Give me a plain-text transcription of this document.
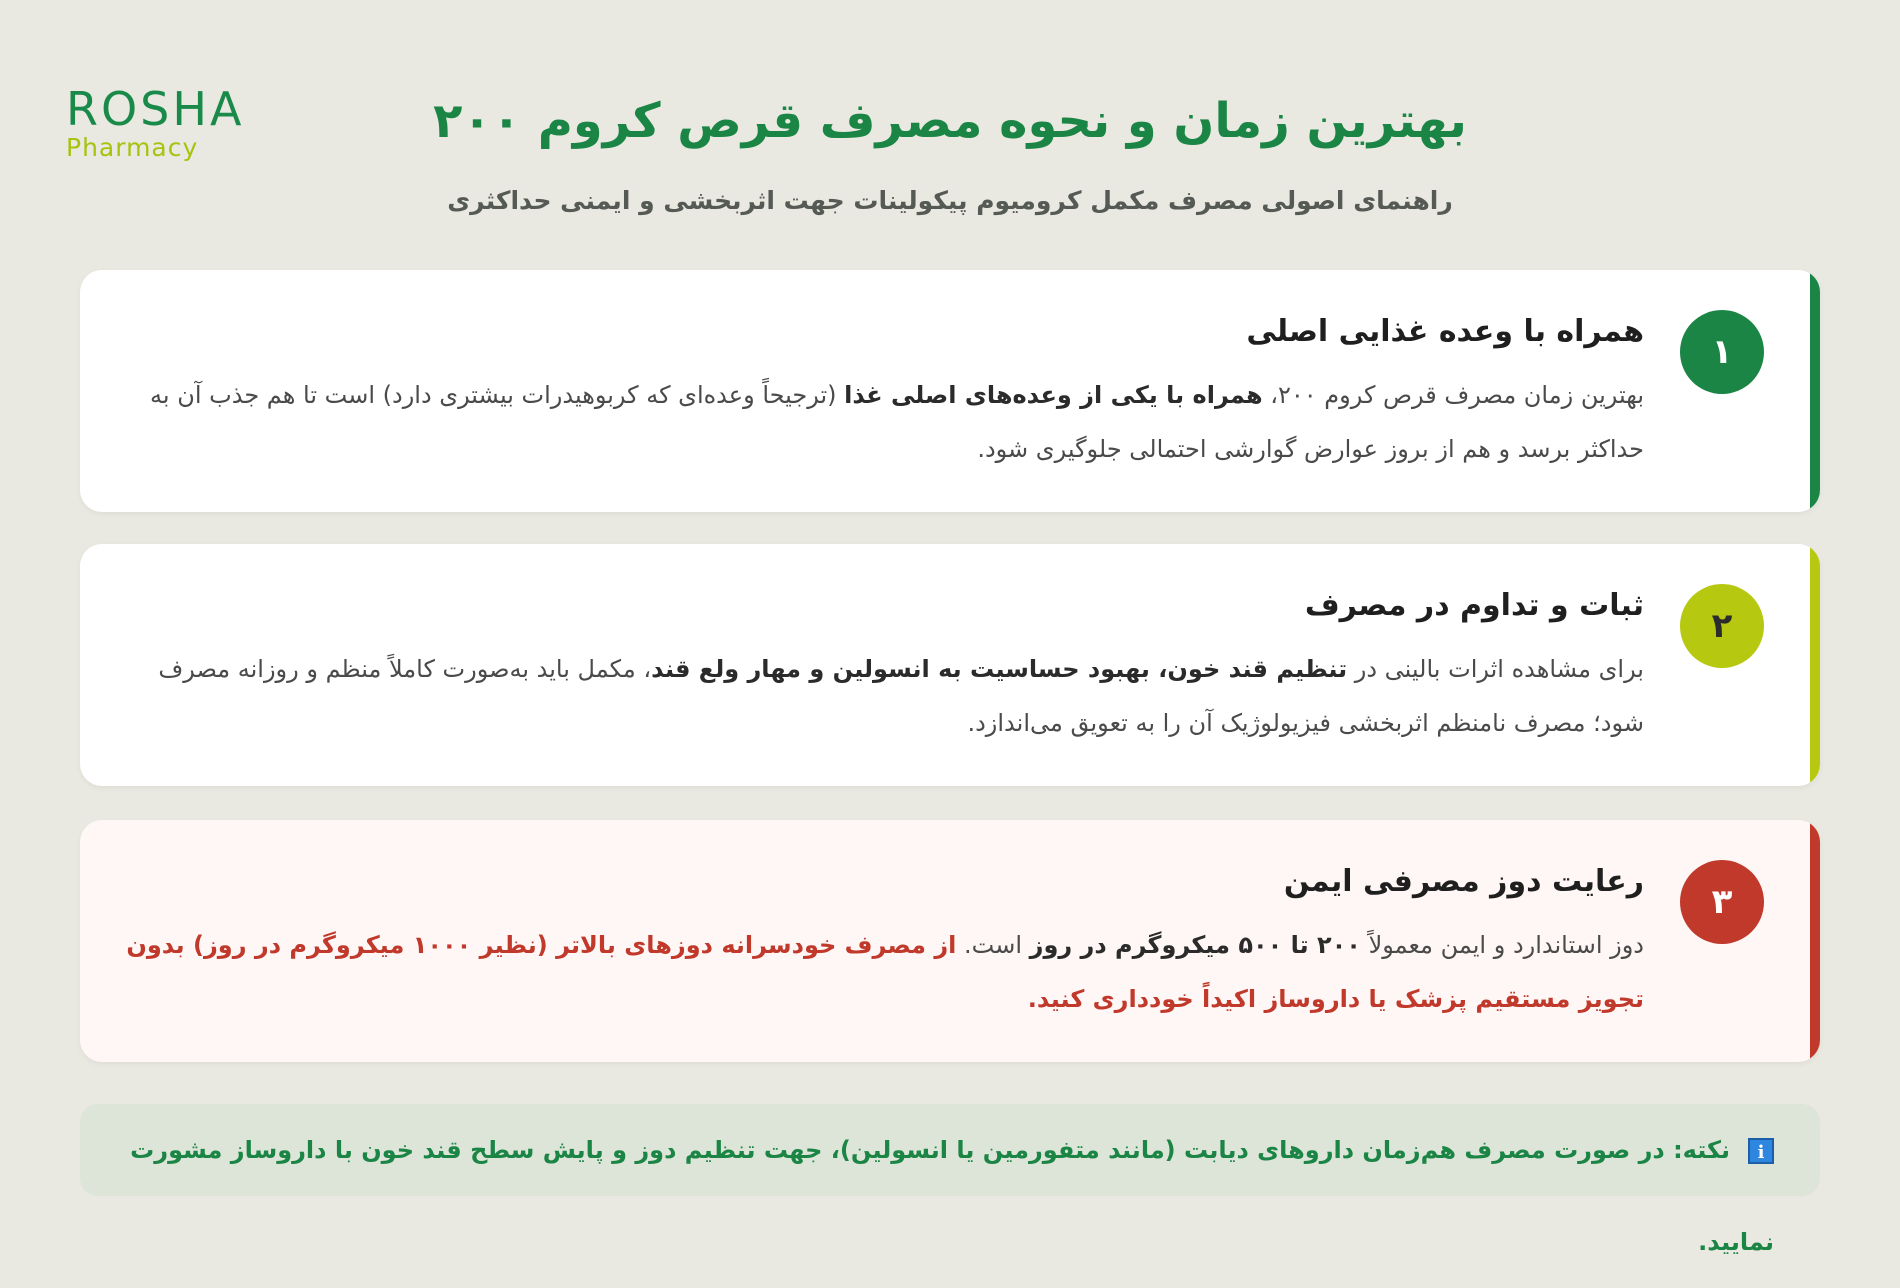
ROSHA
Pharmacy	بهترین زمان و نحوه مصرف قرص کروم ۲۰۰
راهنمای اصولی مصرف مکمل کرومیوم پیکولینات جهت اثربخشی و ایمنی حداکثری
۱
همراه با وعده غذایی اصلی
بهترین زمان مصرف قرص کروم ۲۰۰، همراه با یکی از وعده‌های اصلی غذا (ترجیحاً وعده‌ای که کربوهیدرات بیشتری دارد) است تا هم جذب آن به حداکثر برسد و هم از بروز عوارض گوارشی احتمالی جلوگیری شود.
۲
ثبات و تداوم در مصرف
برای مشاهده اثرات بالینی در تنظیم قند خون، بهبود حساسیت به انسولین و مهار ولع قند، مکمل باید به‌صورت کاملاً منظم و روزانه مصرف شود؛ مصرف نامنظم اثربخشی فیزیولوژیک آن را به تعویق می‌اندازد.
۳
رعایت دوز مصرفی ایمن
دوز استاندارد و ایمن معمولاً ۲۰۰ تا ۵۰۰ میکروگرم در روز است. از مصرف خودسرانه دوزهای بالاتر (نظیر ۱۰۰۰ میکروگرم در روز) بدون تجویز مستقیم پزشک یا داروساز اکیداً خودداری کنید.
iنکته: در صورت مصرف هم‌زمان داروهای دیابت (مانند متفورمین یا انسولین)، جهت تنظیم دوز و پایش سطح قند خون با داروساز مشورت نمایید.
